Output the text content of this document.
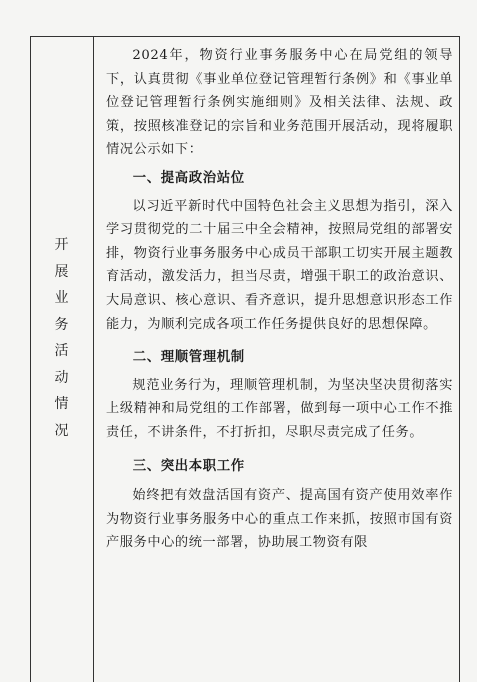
开
展
业
务
活
动
情
况

2024年，物资行业事务服务中心在局党组的领导下，认真贯彻《事业单位登记管理暂行条例》和《事业单位登记管理暂行条例实施细则》及相关法律、法规、政策，按照核准登记的宗旨和业务范围开展活动，现将履职情况公示如下：

一、提高政治站位

以习近平新时代中国特色社会主义思想为指引，深入学习贯彻党的二十届三中全会精神，按照局党组的部署安排，物资行业事务服务中心成员干部职工切实开展主题教育活动，激发活力，担当尽责，增强干职工的政治意识、大局意识、核心意识、看齐意识，提升思想意识形态工作能力，为顺利完成各项工作任务提供良好的思想保障。

二、理顺管理机制

规范业务行为，理顺管理机制，为坚决坚决贯彻落实上级精神和局党组的工作部署，做到每一项中心工作不推责任，不讲条件，不打折扣，尽职尽责完成了任务。

三、突出本职工作

始终把有效盘活国有资产、提高国有资产使用效率作为物资行业事务服务中心的重点工作来抓，按照市国有资产服务中心的统一部署，协助展工物资有限
